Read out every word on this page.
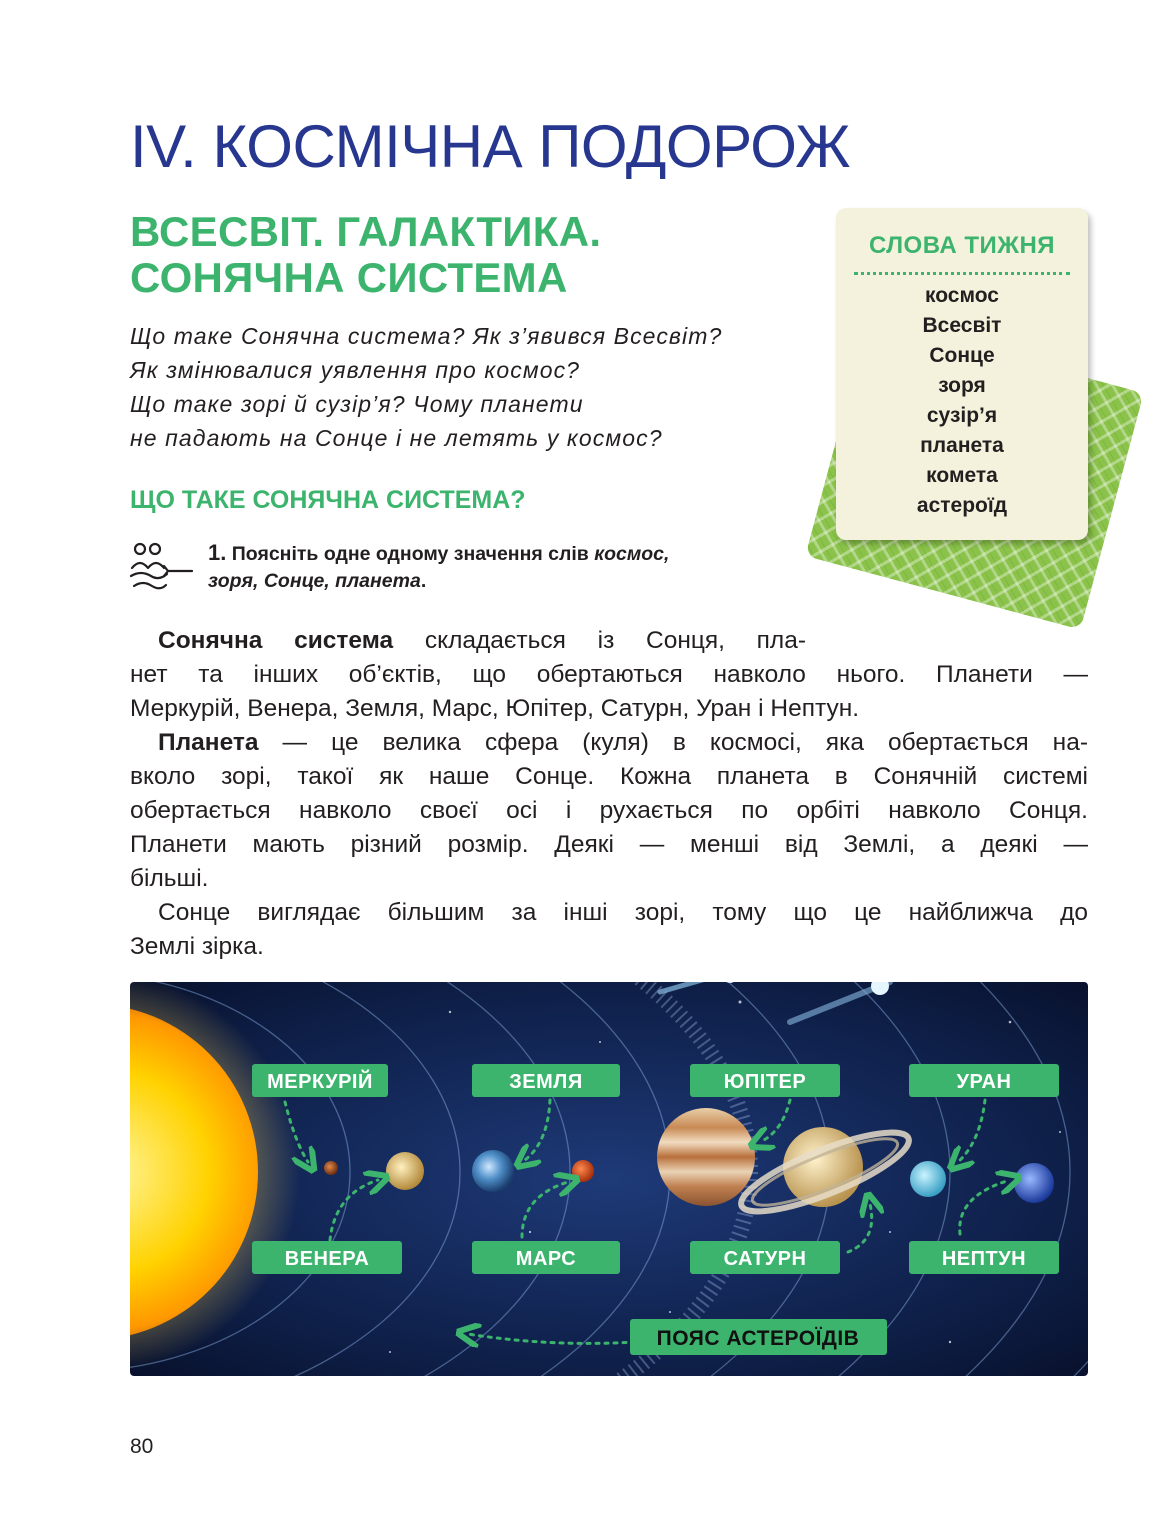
IV. КОСМІЧНА ПОДОРОЖ
ВСЕСВІТ. ГАЛАКТИКА.
СОНЯЧНА СИСТЕМА
Що таке Сонячна система? Як з’явився Всесвіт?
Як змінювалися уявлення про космос?
Що таке зорі й сузір’я? Чому планети
не падають на Сонце і не летять у космос?
ЩО ТАКЕ СОНЯЧНА СИСТЕМА?
1. Поясніть одне одному значення слів космос,
зоря, Сонце, планета.
СЛОВА ТИЖНЯ
космос
Всесвіт
Сонце
зоря
сузір’я
планета
комета
астероїд
Сонячна система складається із Сонця, пла-
нет та інших об’єктів, що обертаються навколо нього. Планети —
Меркурій, Венера, Земля, Марс, Юпітер, Сатурн, Уран і Нептун.
Планета — це велика сфера (куля) в космосі, яка обертається на-
вколо зорі, такої як наше Сонце. Кожна планета в Сонячній системі
обертається навколо своєї осі і рухається по орбіті навколо Сонця.
Планети мають різний розмір. Деякі — менші від Землі, а деякі —
більші.
Сонце виглядає більшим за інші зорі, тому що це найближча до
Землі зірка.
МЕРКУРІЙ	ЗЕМЛЯ	ЮПІТЕР	УРАН
ВЕНЕРА	МАРС	САТУРН	НЕПТУН
ПОЯС АСТЕРОЇДІВ
80
